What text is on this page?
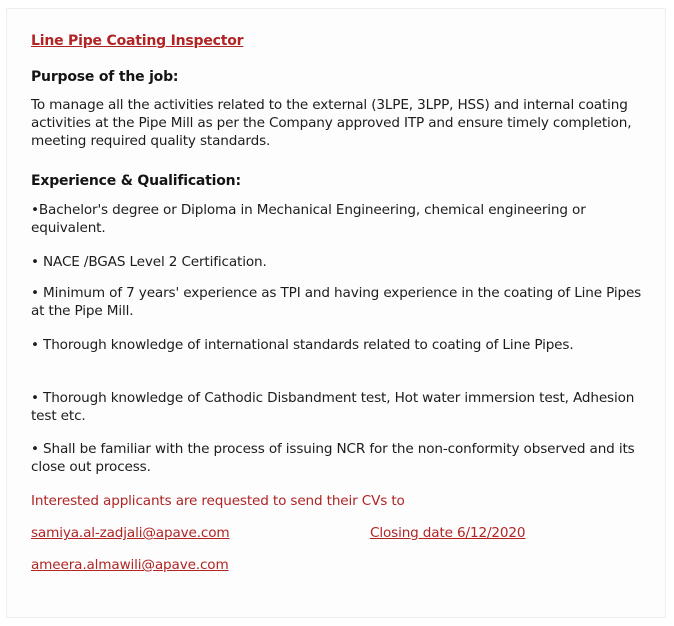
Line Pipe Coating Inspector
Purpose of the job:
To manage all the activities related to the external (3LPE, 3LPP, HSS) and internal coating activities at the Pipe Mill as per the Company approved ITP and ensure timely completion, meeting required quality standards.
Experience & Qualification:
•Bachelor's degree or Diploma in Mechanical Engineering, chemical engineering or equivalent.
• NACE /BGAS Level 2 Certification.
• Minimum of 7 years' experience as TPI and having experience in the coating of Line Pipes at the Pipe Mill.
• Thorough knowledge of international standards related to coating of Line Pipes.
• Thorough knowledge of Cathodic Disbandment test, Hot water immersion test, Adhesion test etc.
• Shall be familiar with the process of issuing NCR for the non-conformity observed and its close out process.
Interested applicants are requested to send their CVs to
samiya.al-zadjali@apave.com	Closing date 6/12/2020
ameera.almawili@apave.com
